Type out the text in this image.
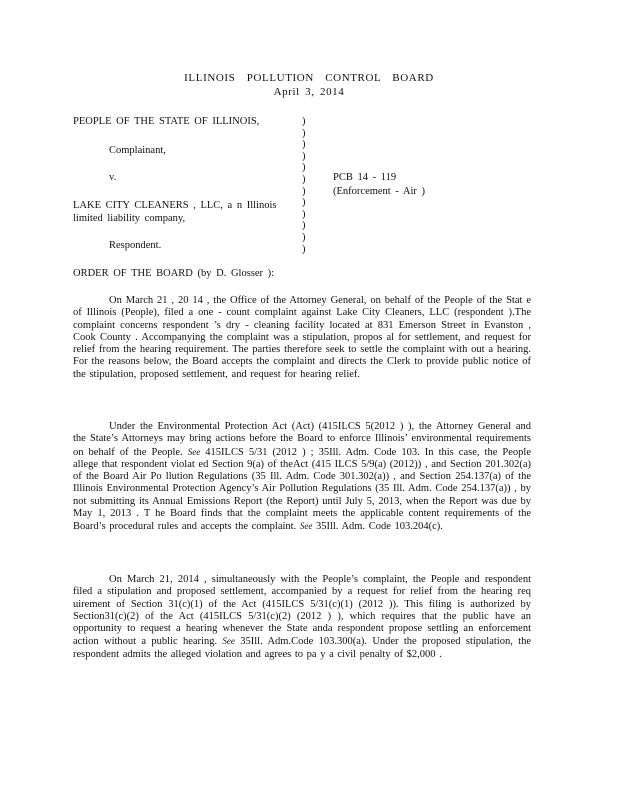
ILLINOIS POLLUTION CONTROL BOARD
April 3, 2014
PEOPLE OF THE STATE OF ILLINOIS,
Complainant,
v.
LAKE CITY CLEANERS , LLC, a n Illinois
limited liability company,
Respondent.
)
)
)
)
)
)
)
)
)
)
)
)
PCB 14 - 119
(Enforcement - Air )
ORDER OF THE BOARD (by D. Glosser ):

On March 21 , 20 14 , the Office of the Attorney General, on behalf of the People of the Stat e of Illinois (People), filed a one - count complaint against Lake City Cleaners, LLC (respondent ).The complaint concerns respondent ’s dry - cleaning facility located at 831 Emerson Street in Evanston , Cook County . Accompanying the complaint was a stipulation, propos al for settlement, and request for relief from the hearing requirement. The parties therefore seek to settle the complaint with out a hearing. For the reasons below, the Board accepts the complaint and directs the Clerk to provide public notice of the stipulation, proposed settlement, and request for hearing relief.

Under the Environmental Protection Act (Act) (415ILCS 5(2012 ) ), the Attorney General and the State’s Attorneys may bring actions before the Board to enforce Illinois’ environmental requirements on behalf of the People. See 415ILCS 5/31 (2012 ) ; 35Ill. Adm. Code 103. In this case, the People allege that respondent violat ed Section 9(a) of theAct (415 ILCS 5/9(a) (2012)) , and Section 201.302(a) of the Board Air Po llution Regulations (35 Ill. Adm. Code 301.302(a)) , and Section 254.137(a) of the Illinois Environmental Protection Agency’s Air Pollution Regulations (35 Ill. Adm. Code 254.137(a)) , by not submitting its Annual Emissions Report (the Report) until July 5, 2013, when the Report was due by May 1, 2013 . T he Board finds that the complaint meets the applicable content requirements of the Board’s procedural rules and accepts the complaint. See 35Ill. Adm. Code 103.204(c).

On March 21, 2014 , simultaneously with the People’s complaint, the People and respondent filed a stipulation and proposed settlement, accompanied by a request for relief from the hearing req uirement of Section 31(c)(1) of the Act (415ILCS 5/31(c)(1) (2012 )). This filing is authorized by Section31(c)(2) of the Act (415ILCS 5/31(c)(2) (2012 ) ), which requires that the public have an opportunity to request a hearing whenever the State anda respondent propose settling an enforcement action without a public hearing. See 35Ill. Adm.Code 103.300(a). Under the proposed stipulation, the respondent admits the alleged violation and agrees to pa y a civil penalty of $2,000 .
